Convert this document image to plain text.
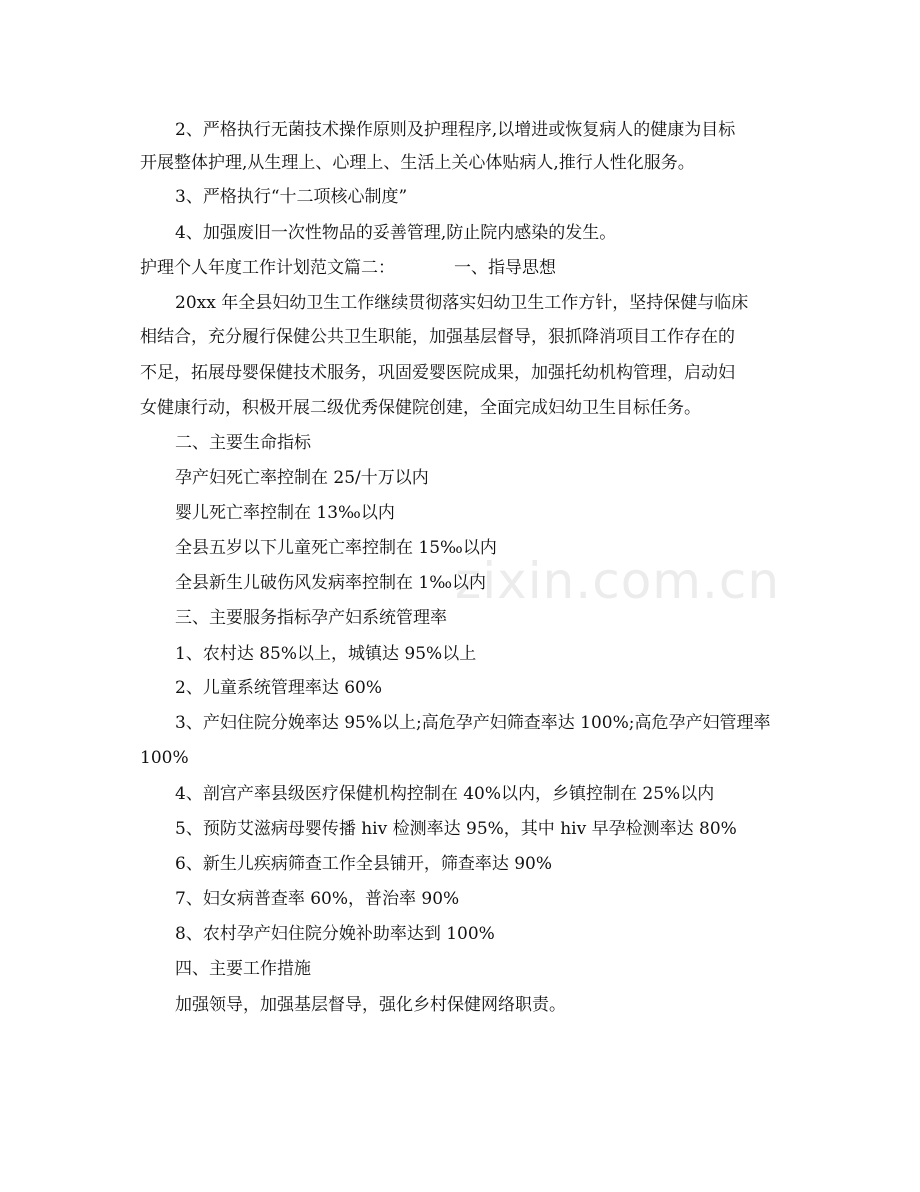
zixin.com.cn
2、严格执行无菌技术操作原则及护理程序,以增进或恢复病人的健康为目标
开展整体护理,从生理上、心理上、生活上关心体贴病人,推行人性化服务。
3、严格执行“十二项核心制度”
4、加强废旧一次性物品的妥善管理,防止院内感染的发生。
护理个人年度工作计划范文篇二：	一、指导思想
20xx 年全县妇幼卫生工作继续贯彻落实妇幼卫生工作方针，坚持保健与临床
相结合，充分履行保健公共卫生职能，加强基层督导，狠抓降消项目工作存在的
不足，拓展母婴保健技术服务，巩固爱婴医院成果，加强托幼机构管理，启动妇
女健康行动，积极开展二级优秀保健院创建，全面完成妇幼卫生目标任务。
二、主要生命指标
孕产妇死亡率控制在 25/十万以内
婴儿死亡率控制在 13‰以内
全县五岁以下儿童死亡率控制在 15‰以内
全县新生儿破伤风发病率控制在 1‰以内
三、主要服务指标孕产妇系统管理率
1、农村达 85%以上，城镇达 95%以上
2、儿童系统管理率达 60%
3、产妇住院分娩率达 95%以上;高危孕产妇筛查率达 100%;高危孕产妇管理率
100%
4、剖宫产率县级医疗保健机构控制在 40%以内，乡镇控制在 25%以内
5、预防艾滋病母婴传播 hiv 检测率达 95%，其中 hiv 早孕检测率达 80%
6、新生儿疾病筛查工作全县铺开，筛查率达 90%
7、妇女病普查率 60%，普治率 90%
8、农村孕产妇住院分娩补助率达到 100%
四、主要工作措施
加强领导，加强基层督导，强化乡村保健网络职责。
